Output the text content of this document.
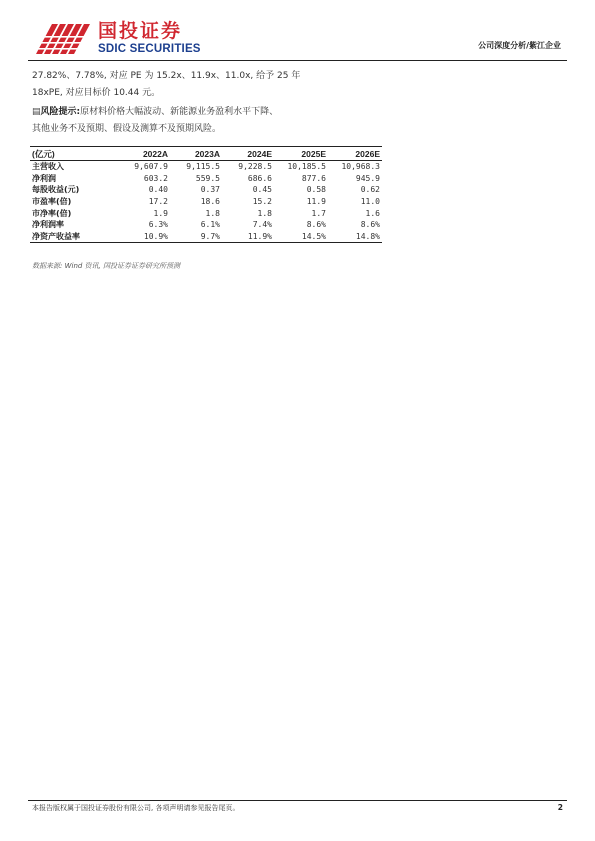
国投证券
SDIC SECURITIES	公司深度分析/紫江企业

27.82%、7.78%, 对应 PE 为 15.2x、11.9x、11.0x, 给予 25 年

18xPE, 对应目标价 10.44 元。

▤风险提示:原材料价格大幅波动、新能源业务盈利水平下降、

其他业务不及预期、假设及测算不及预期风险。

(亿元)	2022A	2023A	2024E	2025E	2026E
主营收入	9,607.9	9,115.5	9,228.5	10,185.5	10,968.3
净利润	603.2	559.5	686.6	877.6	945.9
每股收益(元)	0.40	0.37	0.45	0.58	0.62
市盈率(倍)	17.2	18.6	15.2	11.9	11.0
市净率(倍)	1.9	1.8	1.8	1.7	1.6
净利润率	6.3%	6.1%	7.4%	8.6%	8.6%
净资产收益率	10.9%	9.7%	11.9%	14.5%	14.8%
数据来源: Wind 资讯, 国投证券证券研究所预测
本报告版权属于国投证券股份有限公司, 各项声明请参见报告尾页。	2
